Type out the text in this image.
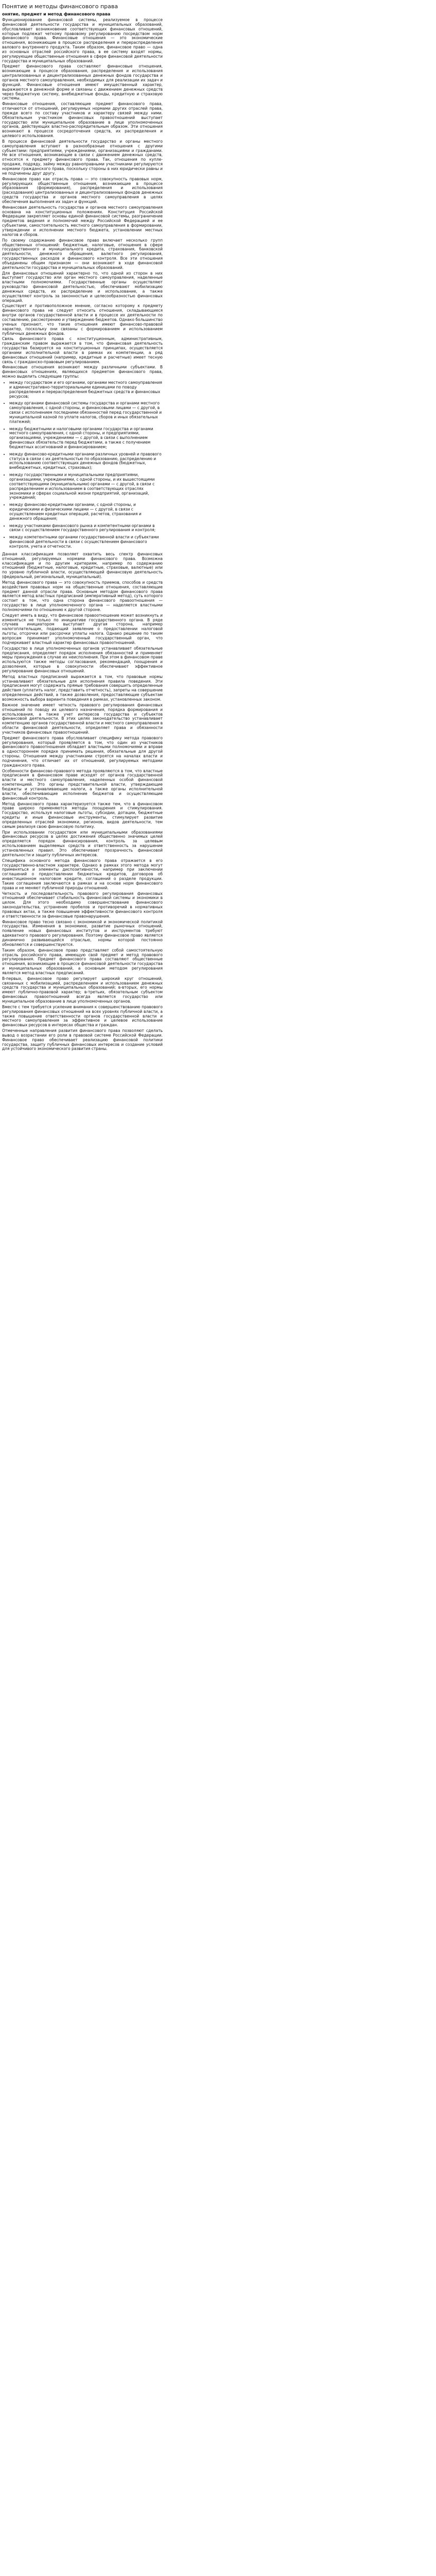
Понятие и методы финансового права
онятие, предмет и метод финансового права

Функционирование финансовой системы, реализуемое в процессе финансовой деятельности государства и муниципальных образований, обусловливает возникновение соответствующих финансовых отношений, которые подлежат четкому правовому регулированию посредством норм финансового права. Финансовые отношения — это экономические отношения, возникающие в процессе распределения и перераспределения валового внутреннего продукта. Таким образом, финансовое право — одна из основных отраслей российского права, в ее систему входят нормы, регулирующие общественные отношения в сфере финансовой деятельности государства и муниципальных образований.

Предмет финансового права составляют финансовые отношения, возникающие в процессе образования, распределения и использования централизованных и децентрализованных денежных фондов государства и органов местного самоуправления, необходимых для реализации их задач и функций. Финансовые отношения имеют имущественный характер, выражаются в денежной форме и связаны с движением денежных средств через бюджетную систему, внебюджетные фонды, кредитную и страховую системы.

Финансовые отношения, составляющие предмет финансового права, отличаются от отношений, регулируемых нормами других отраслей права, прежде всего по составу участников и характеру связей между ними. Обязательным участником финансовых правоотношений выступает государство или муниципальное образование в лице уполномоченных органов, действующих властно-распорядительным образом. Эти отношения возникают в процессе сосредоточения средств, их распределения и целевого использования.

В процессе финансовой деятельности государство и органы местного самоуправления вступают в разнообразные отношения с другими субъектами: предприятиями, учреждениями, организациями и гражданами. Не все отношения, возникающие в связи с движением денежных средств, относятся к предмету финансового права. Так, отношения по купле-продаже, подряду, займу между равноправными участниками регулируются нормами гражданского права, поскольку стороны в них юридически равны и не подчинены друг другу.

Финансовое право как отрасль права — это совокупность правовых норм, регулирующих общественные отношения, возникающие в процессе образования (формирования), распределения и использования (расходования) централизованных и децентрализованных фондов денежных средств государства и органов местного самоуправления в целях обеспечения выполнения их задач и функций.

Финансовая деятельность государства и органов местного самоуправления основана на конституционных положениях. Конституция Российской Федерации закрепляет основы единой финансовой системы, разграничение предметов ведения и полномочий между Российской Федерацией и ее субъектами, самостоятельность местного самоуправления в формировании, утверждении и исполнении местного бюджета, установлении местных налогов и сборов.

По своему содержанию финансовое право включает несколько групп общественных отношений: бюджетные, налоговые, отношения в сфере государственного и муниципального кредита, страхования, банковской деятельности, денежного обращения, валютного регулирования, государственных расходов и финансового контроля. Все эти отношения объединены общим признаком — они возникают в ходе финансовой деятельности государства и муниципальных образований.

Для финансовых отношений характерно то, что одной из сторон в них выступает государство или орган местного самоуправления, наделенные властными полномочиями. Государственные органы осуществляют руководство финансовой деятельностью, обеспечивают мобилизацию денежных средств, их распределение и использование, а также осуществляют контроль за законностью и целесообразностью финансовых операций.

Существует и противоположное мнение, согласно которому к предмету финансового права не следует относить отношения, складывающиеся внутри органов государственной власти и в процессе их деятельности по составлению, рассмотрению и утверждению бюджетов. Однако большинство ученых признают, что такие отношения имеют финансово-правовой характер, поскольку они связаны с формированием и использованием публичных денежных фондов.

Связь финансового права с конституционным, административным, гражданским правом выражается в том, что финансовая деятельность государства базируется на конституционных принципах, осуществляется органами исполнительной власти в рамках их компетенции, а ряд финансовых отношений (например, кредитные и расчетные) имеет тесную связь с гражданско-правовым регулированием.

Финансовые отношения возникают между различными субъектами. В финансовых отношениях, являющихся предметом финансового права, можно выделить следующие группы:

• между государством и его органами, органами местного самоуправления и административно-территориальными единицами по поводу распределения и перераспределения бюджетных средств и финансовых ресурсов;
• между органами финансовой системы государства и органами местного самоуправления, с одной стороны, и финансовыми лицами — с другой, в связи с исполнением последними обязанностей перед государственной и муниципальной казной по уплате налогов, сборов и иных обязательных платежей;
• между бюджетными и налоговыми органами государства и органами местного самоуправления, с одной стороны, и предприятиями, организациями, учреждениями — с другой, в связи с выполнением финансовых обязательств перед бюджетами, а также с получением бюджетных ассигнований и финансированием;
• между финансово-кредитными органами различных уровней и правового статуса в связи с их деятельностью по образованию, распределению и использованию соответствующих денежных фондов (бюджетных, внебюджетных, кредитных, страховых);
• между государственными и муниципальными предприятиями, организациями, учреждениями, с одной стороны, и их вышестоящими соответствующими (муниципальными) органами — с другой, в связи с распределением и использованием в соответствующих отраслях экономики и сферах социальной жизни предприятий, организаций, учреждений;
• между финансово-кредитными органами, с одной стороны, и юридическими и физическими лицами — с другой, в связи с осуществлением кредитных операций, расчетов, страхования и денежного обращения;
• между участниками финансового рынка и компетентными органами в связи с осуществлением государственного регулирования и контроля;
• между компетентными органами государственной власти и субъектами финансовой деятельности в связи с осуществлением финансового контроля, учета и отчетности.

Данная классификация позволяет охватить весь спектр финансовых отношений, регулируемых нормами финансового права. Возможна классификация и по другим критериям, например по содержанию отношений (бюджетные, налоговые, кредитные, страховые, валютные) или по уровню публичной власти, осуществляющей финансовую деятельность (федеральный, региональный, муниципальный).

Метод финансового права — это совокупность приемов, способов и средств воздействия правовых норм на общественные отношения, составляющие предмет данной отрасли права. Основным методом финансового права является метод властных предписаний (императивный метод), суть которого состоит в том, что одна сторона финансового правоотношения — государство в лице уполномоченного органа — наделяется властными полномочиями по отношению к другой стороне.

Следует иметь в виду, что финансовое правоотношение может возникнуть и изменяться не только по инициативе государственного органа. В ряде случаев инициатором выступает другая сторона, например налогоплательщик, подающий заявление о предоставлении налоговой льготы, отсрочки или рассрочки уплаты налога. Однако решение по таким вопросам принимает уполномоченный государственный орган, что подчеркивает властный характер финансовых правоотношений.

Государство в лице уполномоченных органов устанавливает обязательные предписания, определяет порядок исполнения обязанностей и применяет меры принуждения в случае их неисполнения. При этом в финансовом праве используются также методы согласования, рекомендаций, поощрения и дозволения, которые в совокупности обеспечивают эффективное регулирование финансовых отношений.

Метод властных предписаний выражается в том, что правовые нормы устанавливают обязательные для исполнения правила поведения. Эти предписания могут содержать прямые требования совершить определенные действия (уплатить налог, представить отчетность), запреты на совершение определенных действий, а также дозволения, предоставляющие субъектам возможность выбора варианта поведения в рамках, установленных законом.

Важное значение имеет четкость правового регулирования финансовых отношений по поводу их целевого назначения, порядка формирования и использования, а также учет интересов государства и субъектов финансовой деятельности. В этих целях законодательство устанавливает компетенцию органов государственной власти и местного самоуправления в области финансовой деятельности, определяет права и обязанности участников финансовых правоотношений.

Предмет финансового права обусловливает специфику метода правового регулирования, который проявляется в том, что один из участников финансового правоотношения обладает властными полномочиями и вправе в одностороннем порядке принимать решения, обязательные для другой стороны. Отношения между участниками строятся на началах власти и подчинения, что отличает их от отношений, регулируемых методами гражданского права.

Особенности финансово-правового метода проявляются в том, что властные предписания в финансовом праве исходят от органов государственной власти и местного самоуправления, наделенных особой финансовой компетенцией. Это органы представительной власти, утверждающие бюджеты и устанавливающие налоги, а также органы исполнительной власти, обеспечивающие исполнение бюджетов и осуществляющие финансовый контроль.

Метод финансового права характеризуется также тем, что в финансовом праве широко применяются методы поощрения и стимулирования. Государство, используя налоговые льготы, субсидии, дотации, бюджетные кредиты и иные финансовые инструменты, стимулирует развитие определенных отраслей экономики, регионов, видов деятельности, тем самым реализуя свою финансовую политику.

При использовании государством или муниципальными образованиями финансовых ресурсов в целях достижения общественно значимых целей определяется порядок финансирования, контроль за целевым использованием выделяемых средств и ответственность за нарушение установленных правил. Это обеспечивает прозрачность финансовой деятельности и защиту публичных интересов.

Специфика основного метода финансового права отражается в его государственно-властном характере. Однако в рамках этого метода могут применяться и элементы диспозитивности, например при заключении соглашений о предоставлении бюджетных кредитов, договоров об инвестиционном налоговом кредите, соглашений о разделе продукции. Такие соглашения заключаются в рамках и на основе норм финансового права и не меняют публичной природы отношений.

Четкость и последовательность правового регулирования финансовых отношений обеспечивает стабильность финансовой системы и экономики в целом. Для этого необходимо совершенствование финансового законодательства, устранение пробелов и противоречий в нормативных правовых актах, а также повышение эффективности финансового контроля и ответственности за финансовые правонарушения.

Финансовое право тесно связано с экономикой и экономической политикой государства. Изменения в экономике, развитие рыночных отношений, появление новых финансовых институтов и инструментов требуют адекватного правового регулирования. Поэтому финансовое право является динамично развивающейся отраслью, нормы которой постоянно обновляются и совершенствуются.

Таким образом, финансовое право представляет собой самостоятельную отрасль российского права, имеющую свой предмет и метод правового регулирования. Предмет финансового права составляют общественные отношения, возникающие в процессе финансовой деятельности государства и муниципальных образований, а основным методом регулирования является метод властных предписаний.

В-первых, финансовое право регулирует широкий круг отношений, связанных с мобилизацией, распределением и использованием денежных средств государства и муниципальных образований; в-вторых, его нормы имеют публично-правовой характер; в-третьих, обязательным субъектом финансовых правоотношений всегда является государство или муниципальное образование в лице уполномоченных органов.

Вместе с тем требуется усиление внимания к совершенствованию правового регулирования финансовых отношений на всех уровнях публичной власти, а также повышение ответственности органов государственной власти и местного самоуправления за эффективное и целевое использование финансовых ресурсов в интересах общества и граждан.

Отмеченные направления развития финансового права позволяют сделать вывод о возрастании его роли в правовой системе Российской Федерации. Финансовое право обеспечивает реализацию финансовой политики государства, защиту публичных финансовых интересов и создание условий для устойчивого экономического развития страны.
